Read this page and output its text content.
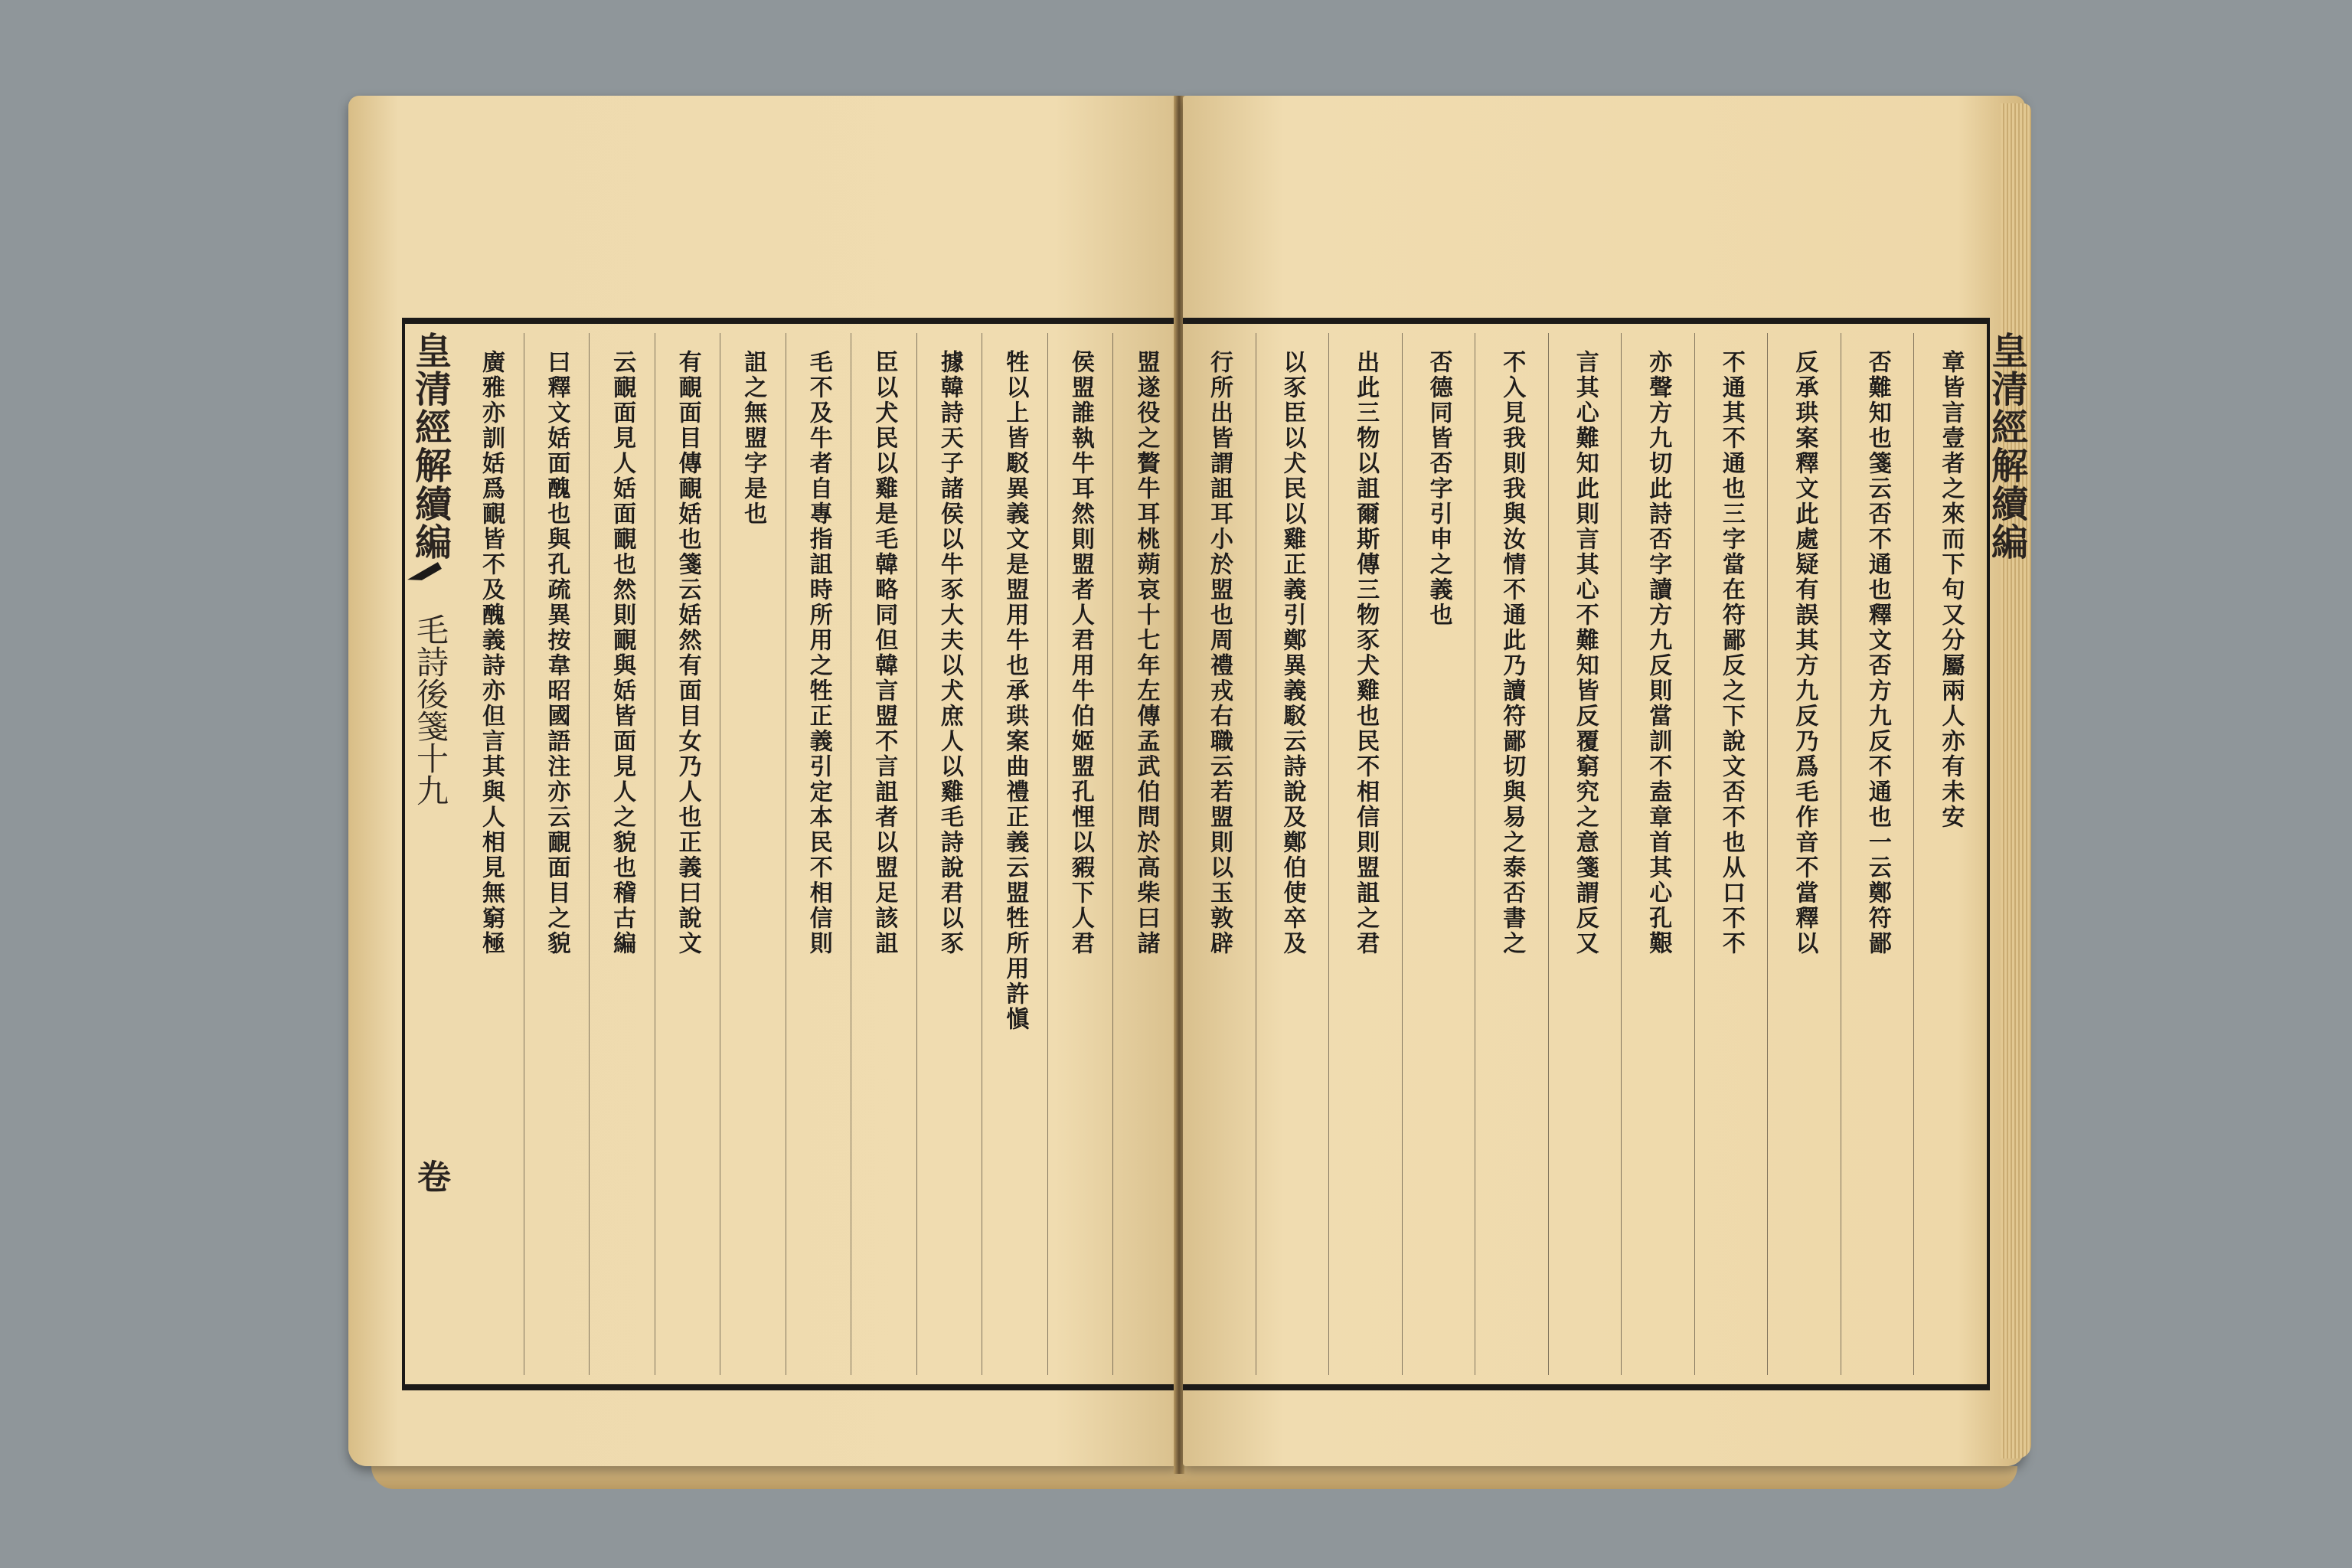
皇清經解續編
毛詩後箋十九
卷
盟遂役之贅牛耳桃蒴哀十七年左傳孟武伯問於高柴曰諸
侯盟誰執牛耳然則盟者人君用牛伯姬盟孔悝以豭下人君
牲以上皆駁異義文是盟用牛也承珙案曲禮正義云盟牲所用許愼
據韓詩天子諸侯以牛豕大夫以犬庶人以雞毛詩說君以豕
臣以犬民以雞是毛韓略同但韓言盟不言詛者以盟足該詛
毛不及牛者自專指詛時所用之牲正義引定本民不相信則
詛之無盟字是也
有靦面目傳靦姡也箋云姡然有面目女乃人也正義曰說文
云靦面見人姡面靦也然則靦與姡皆面見人之貌也稽古編
曰釋文姡面醜也與孔疏異按韋昭國語注亦云靦面目之貌
廣雅亦訓姡爲靦皆不及醜義詩亦但言其與人相見無窮極	皇清經解續編
章皆言壹者之來而下句又分屬兩人亦有未安
否難知也箋云否不通也釋文否方九反不通也一云鄭符鄙
反承珙案釋文此處疑有誤其方九反乃爲毛作音不當釋以
不通其不通也三字當在符鄙反之下說文否不也从口不不
亦聲方九切此詩否字讀方九反則當訓不盍章首其心孔艱
言其心難知此則言其心不難知皆反覆窮究之意箋謂反又
不入見我則我與汝情不通此乃讀符鄙切與易之泰否書之
否德同皆否字引申之義也
出此三物以詛爾斯傳三物豕犬雞也民不相信則盟詛之君
以豕臣以犬民以雞正義引鄭異義駁云詩說及鄭伯使卒及
行所出皆謂詛耳小於盟也周禮戎右職云若盟則以玉敦辟
